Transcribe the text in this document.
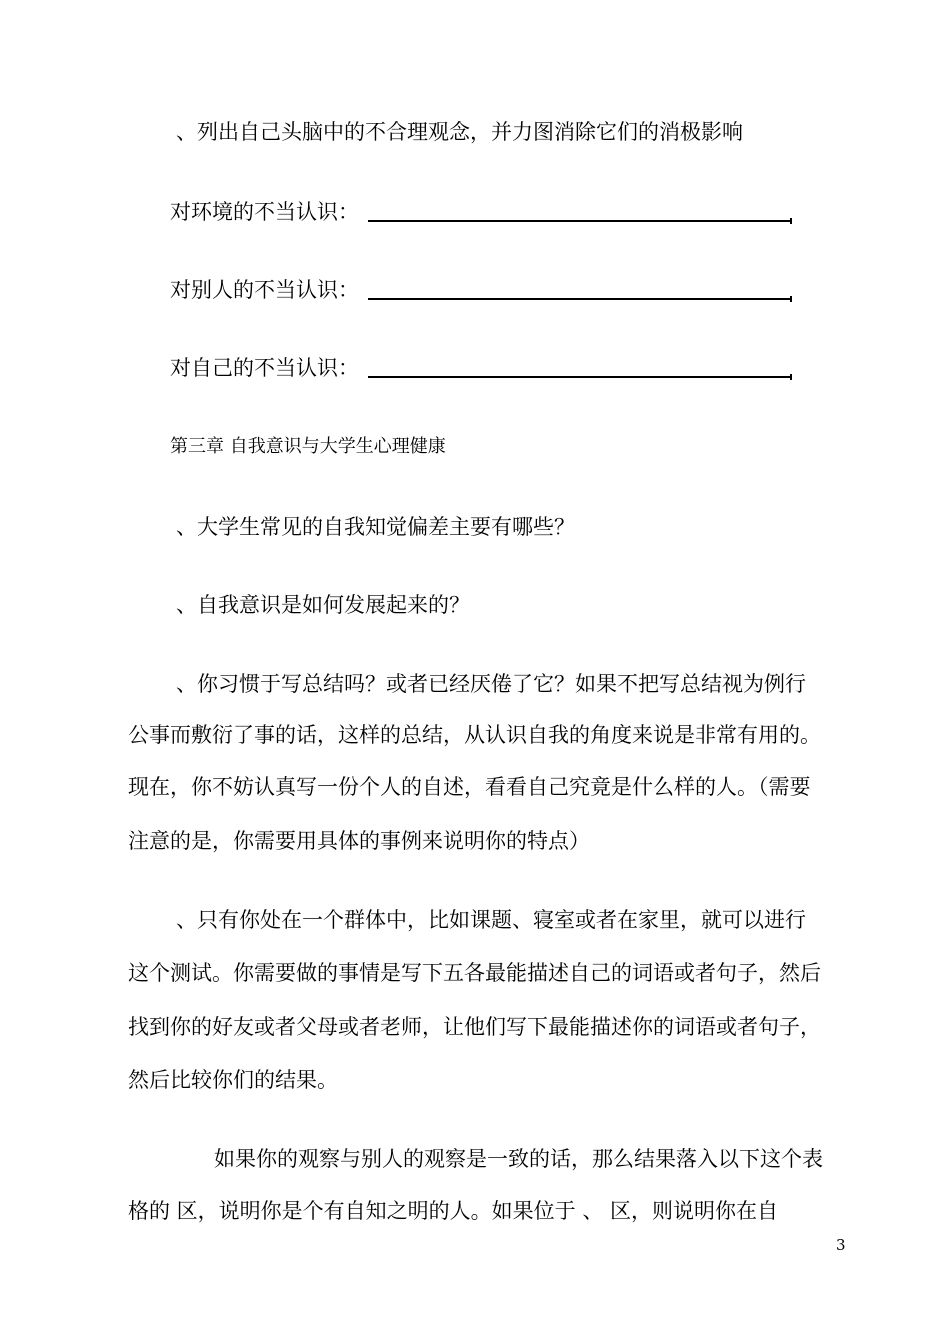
、列出自己头脑中的不合理观念，并力图消除它们的消极影响
对环境的不当认识：
对别人的不当认识：
对自己的不当认识：
第三章 自我意识与大学生心理健康
、大学生常见的自我知觉偏差主要有哪些？
、自我意识是如何发展起来的？
、你习惯于写总结吗？或者已经厌倦了它？如果不把写总结视为例行
公事而敷衍了事的话，这样的总结，从认识自我的角度来说是非常有用的。
现在，你不妨认真写一份个人的自述，看看自己究竟是什么样的人。（需要
注意的是，你需要用具体的事例来说明你的特点）
、只有你处在一个群体中，比如课题、寝室或者在家里，就可以进行
这个测试。你需要做的事情是写下五各最能描述自己的词语或者句子，然后
找到你的好友或者父母或者老师，让他们写下最能描述你的词语或者句子，
然后比较你们的结果。
如果你的观察与别人的观察是一致的话，那么结果落入以下这个表
格的 区，说明你是个有自知之明的人。如果位于 、 区，则说明你在自
3
